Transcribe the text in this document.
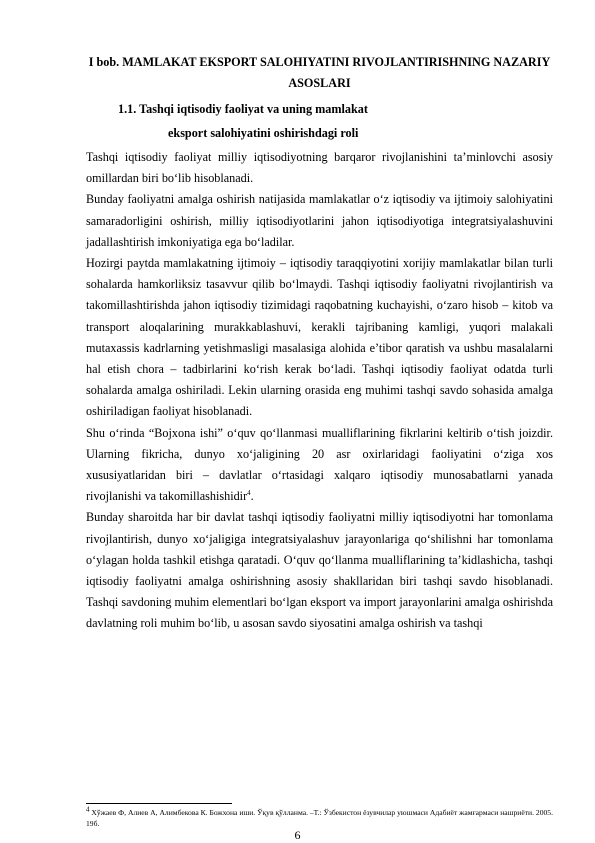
I bob. MAMLAKAT EKSPORT SALOHIYATINI RIVOJLANTIRISHNING NAZARIY ASOSLARI
1.1. Tashqi iqtisodiy faoliyat va uning mamlakat
eksport salohiyatini oshirishdagi roli

Tashqi iqtisodiy faoliyat milliy iqtisodiyotning barqaror rivojlanishini ta’minlovchi asosiy omillardan biri bo‘lib hisoblanadi.

Bunday faoliyatni amalga oshirish natijasida mamlakatlar o‘z iqtisodiy va ijtimoiy salohiyatini samaradorligini oshirish, milliy iqtisodiyotlarini jahon iqtisodiyotiga integratsiyalashuvini jadallashtirish imkoniyatiga ega bo‘ladilar.

Hozirgi paytda mamlakatning ijtimoiy – iqtisodiy taraqqiyotini xorijiy mamlakatlar bilan turli sohalarda hamkorliksiz tasavvur qilib bo‘lmaydi. Tashqi iqtisodiy faoliyatni rivojlantirish va takomillashtirishda jahon iqtisodiy tizimidagi raqobatning kuchayishi, o‘zaro hisob – kitob va transport aloqalarining murakkablashuvi, kerakli tajribaning kamligi, yuqori malakali mutaxassis kadrlarning yetishmasligi masalasiga alohida e’tibor qaratish va ushbu masalalarni hal etish chora – tadbirlarini ko‘rish kerak bo‘ladi. Tashqi iqtisodiy faoliyat odatda turli sohalarda amalga oshiriladi. Lekin ularning orasida eng muhimi tashqi savdo sohasida amalga oshiriladigan faoliyat hisoblanadi.

Shu o‘rinda “Bojxona ishi” o‘quv qo‘llanmasi mualliflarining fikrlarini keltirib o‘tish joizdir. Ularning fikricha, dunyo xo‘jaligining 20 asr oxirlaridagi faoliyatini o‘ziga xos xususiyatlaridan biri – davlatlar o‘rtasidagi xalqaro iqtisodiy munosabatlarni yanada rivojlanishi va takomillashishidir$^4$.

Bunday sharoitda har bir davlat tashqi iqtisodiy faoliyatni milliy iqtisodiyotni har tomonlama rivojlantirish, dunyo xo‘jaligiga integratsiyalashuv jarayonlariga qo‘shilishni har tomonlama o‘ylagan holda tashkil etishga qaratadi. O‘quv qo‘llanma mualliflarining ta’kidlashicha, tashqi iqtisodiy faoliyatni amalga oshirishning asosiy shakllaridan biri tashqi savdo hisoblanadi. Tashqi savdoning muhim elementlari bo‘lgan eksport va import jarayonlarini amalga oshirishda davlatning roli muhim bo‘lib, u asosan savdo siyosatini amalga oshirish va tashqi

$^4$ Хўжаев Ф, Алиев А, Алимбекова К. Божхона иши. Ўқув қўлланма. –Т.: Ўзбекистон ёзувчилар уюшмаси Адабиёт жамғармаси нашриёти. 2005. 19б.

6
